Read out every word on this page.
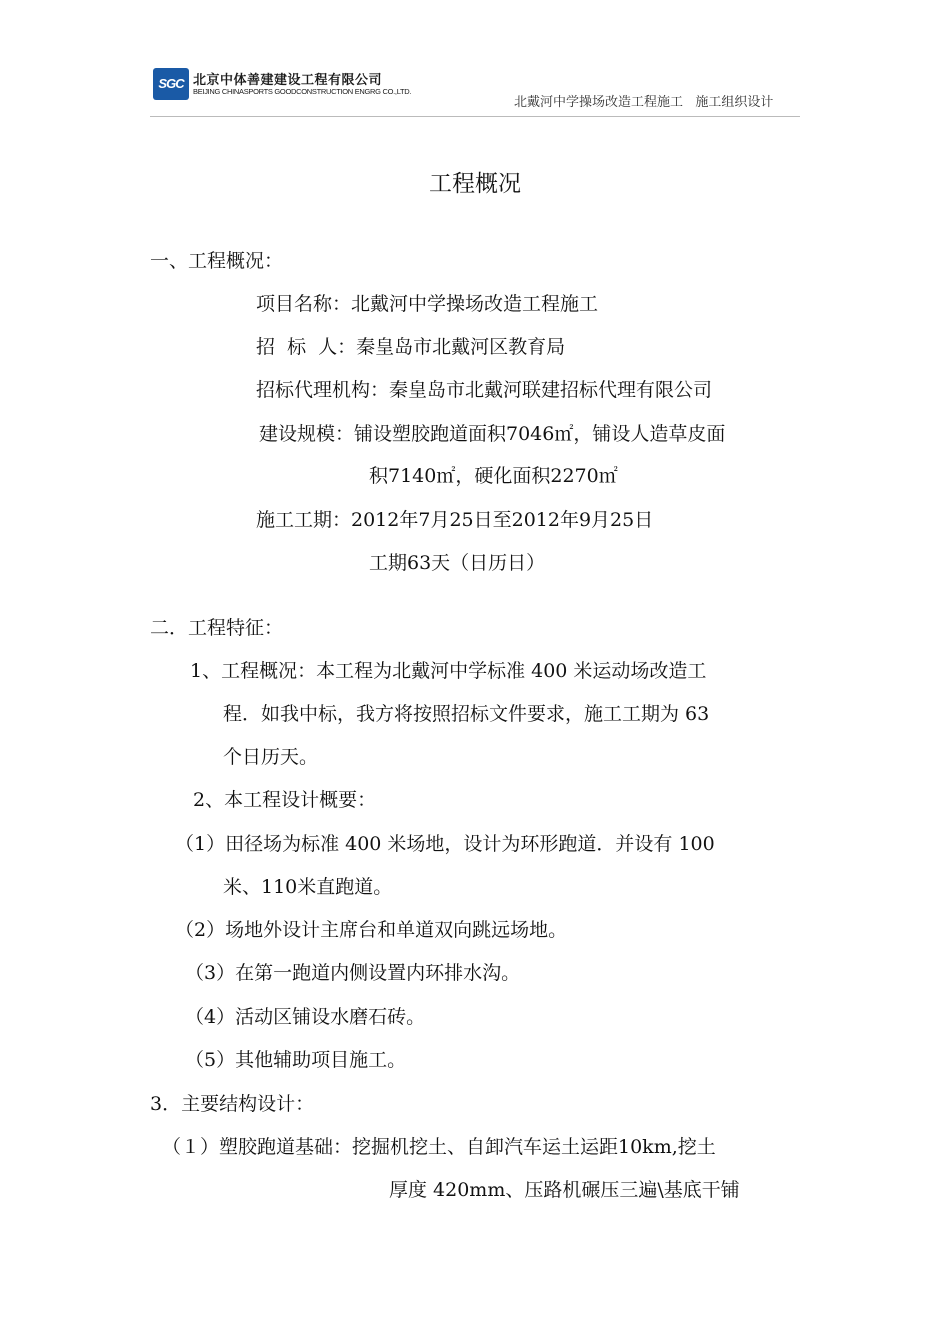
SGC 北京中体善建建设工程有限公司
BEIJING CHINASPORTS GOODCONSTRUCTION ENGRG CO.,LTD.
北戴河中学操场改造工程施工   施工组织设计
工程概况
一、工程概况：
项目名称：北戴河中学操场改造工程施工
招  标  人：秦皇岛市北戴河区教育局
招标代理机构：秦皇岛市北戴河联建招标代理有限公司
建设规模：铺设塑胶跑道面积7046㎡，铺设人造草皮面
积7140㎡，硬化面积2270㎡
施工工期：2012年7月25日至2012年9月25日
工期63天（日历日）
二．工程特征：
1、工程概况：本工程为北戴河中学标准 400 米运动场改造工
程．如我中标，我方将按照招标文件要求，施工工期为 63
个日历天。
2、本工程设计概要：
（1）田径场为标准 400 米场地，设计为环形跑道．并设有 100
米、110米直跑道。
（2）场地外设计主席台和单道双向跳远场地。
（3）在第一跑道内侧设置内环排水沟。
（4）活动区铺设水磨石砖。
（5）其他辅助项目施工。
3．主要结构设计：
（１）塑胶跑道基础：挖掘机挖土、自卸汽车运土运距10km,挖土
厚度 420mm、压路机碾压三遍\基底干铺
